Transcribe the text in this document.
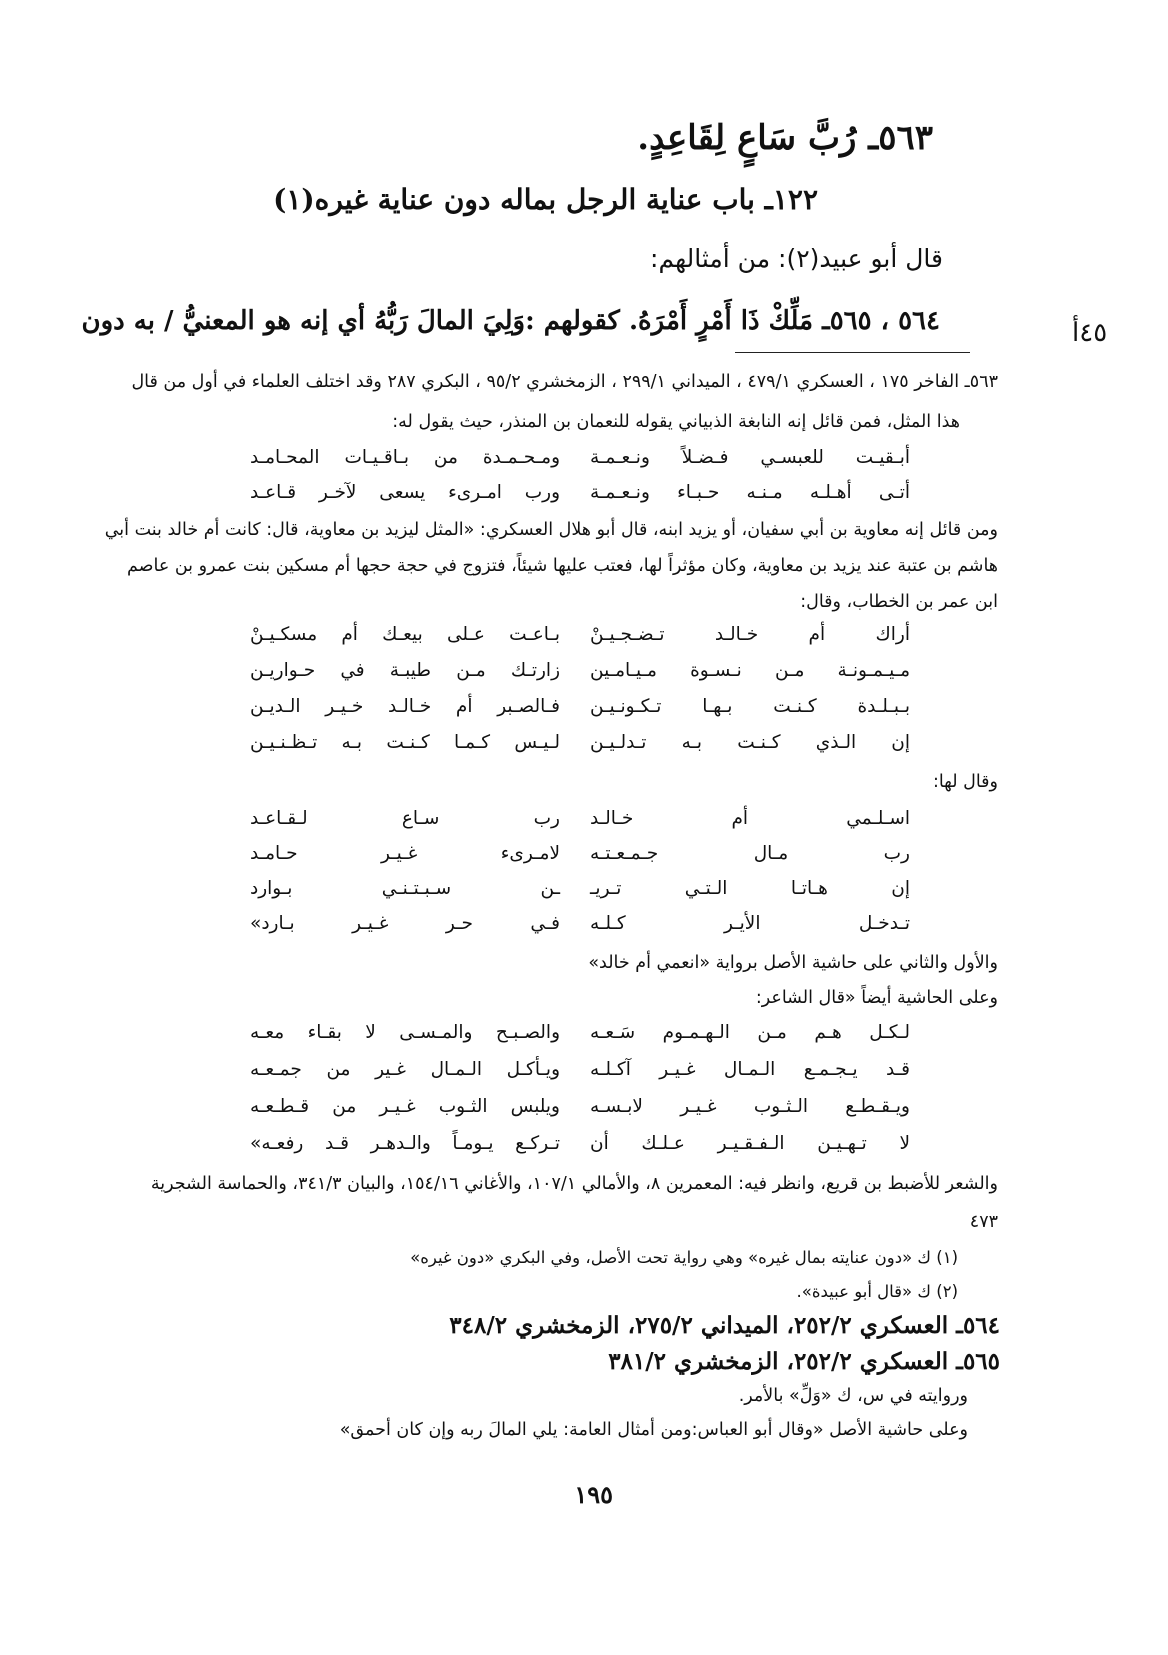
٥٦٣ـ رُبَّ سَاعٍ لِقَاعِدٍ.
١٢٢ـ باب عناية الرجل بماله دون عناية غيره(١)
قال أبو عبيد(٢): من أمثالهم:
٥٦٤ ، ٥٦٥ـ مَلِّكْ ذَا أَمْرٍ أَمْرَهُ. كقولهم :وَلِيَ المالَ رَبُّهُ أي إنه هو المعنيُّ / به دون	٤٥أ
٥٦٣ـ الفاخر ١٧٥ ، العسكري ٤٧٩/١ ، الميداني ٢٩٩/١ ، الزمخشري ٩٥/٢ ، البكري ٢٨٧ وقد اختلف العلماء في أول من قال
هذا المثل، فمن قائل إنه النابغة الذبياني يقوله للنعمان بن المنذر، حيث يقول له:
أبـقيـت للعبسـي فـضـلاً ونـعـمـة
ومـحـمـدة من بـاقـيـات المحـامـد
أتـى أهـلـه مـنـه حـبـاء ونـعـمـة
ورب امـرىء يسعى لآخـر قـاعـد
ومن قائل إنه معاوية بن أبي سفيان، أو يزيد ابنه، قال أبو هلال العسكري: «المثل ليزيد بن معاوية، قال: كانت أم خالد بنت أبي
هاشم بن عتبة عند يزيد بن معاوية، وكان مؤثراً لها، فعتب عليها شيئاً، فتزوج في حجة حجها أم مسكين بنت عمرو بن عاصم
ابن عمر بن الخطاب، وقال:
أراك أم خـالـد تـضـجـيـنْ
بـاعـت عـلى بيعـك أم مسكـيـنْ
مـيـمـونـة مـن نـسـوة مـيـامـين
زارتـك مـن طيبـة في حـواريـن
بـبـلـدة كـنـت بـهـا تـكـونـيـن
فـالصـبر أم خـالـد خـيـر الـديـن
إن الـذي كـنـت بـه تـدلـيـن
لـيـس كـمـا كـنـت بـه تـظـنـيـن
وقال لها:
اسـلـمي أم خـالـد
رب سـاع لـقـاعـد
رب مـال جـمـعـتـه
لامـرىء غـيـر حـامـد
إن هـاتـا الـتـي تـريـ
ـن سـبـتـنـي بـوارد
تـدخـل الأيـر كـلـه
فـي حـر غـيـر بـارد»
والأول والثاني على حاشية الأصل برواية «انعمي أم خالد»
وعلى الحاشية أيضاً «قال الشاعر:
لـكـل هـم مـن الـهـمـوم سَـعـه
والصـبـح والمـسـى لا بقـاء معـه
قـد يـجـمـع الـمـال غـيـر آكـلـه
ويـأكـل الـمـال غـير من جمـعـه
ويـقـطـع الـثـوب غـيـر لابـسـه
ويلبس الثـوب غـيـر من قـطـعـه
لا تـهـيـن الـفـقـيـر عـلـك أن
تـركـع يـومـاً والـدهـر قـد رفعـه»
والشعر للأضبط بن قريع، وانظر فيه: المعمرين ٨، والأمالي ١٠٧/١، والأغاني ١٥٤/١٦، والبيان ٣٤١/٣، والحماسة الشجرية
٤٧٣
(١) ك «دون عنايته بمال غيره» وهي رواية تحت الأصل، وفي البكري «دون غيره»
(٢) ك «قال أبو عبيدة».
٥٦٤ـ العسكري ٢٥٢/٢، الميداني ٢٧٥/٢، الزمخشري ٣٤٨/٢
٥٦٥ـ العسكري ٢٥٢/٢، الزمخشري ٣٨١/٢
وروايته في س، ك «وَلِّ» بالأمر.
وعلى حاشية الأصل «وقال أبو العباس:ومن أمثال العامة: يلي المالَ ربه وإن كان أحمق»
١٩٥
